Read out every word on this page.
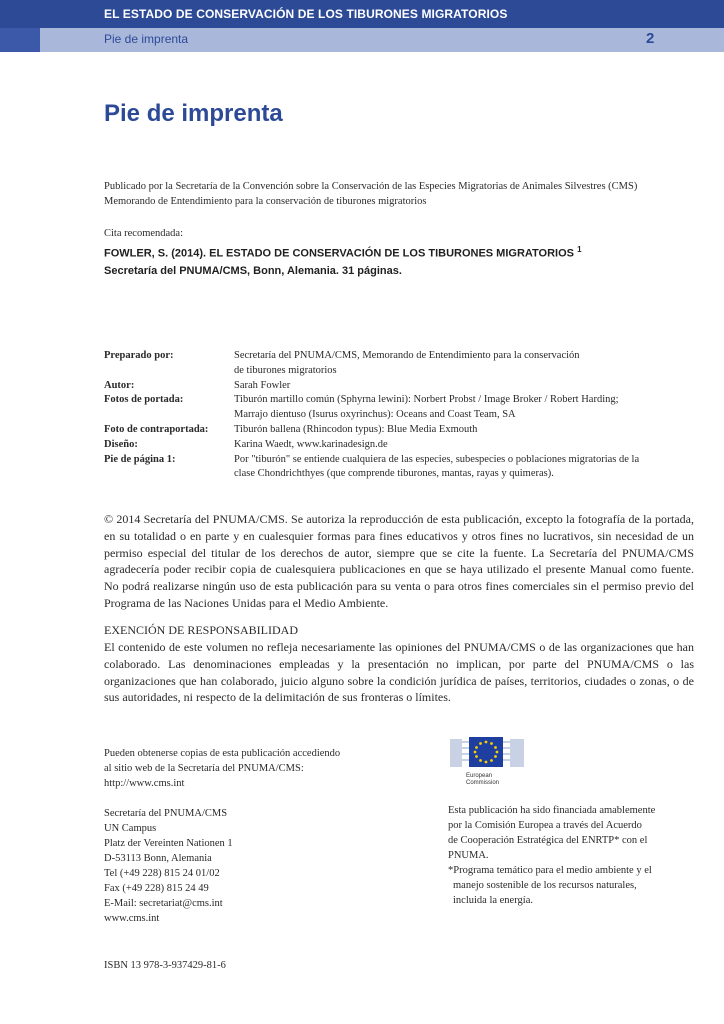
EL ESTADO DE CONSERVACIÓN DE LOS TIBURONES MIGRATORIOS
Pie de imprenta	2
Pie de imprenta
Publicado por la Secretaría de la Convención sobre la Conservación de las Especies Migratorias de Animales Silvestres (CMS)
Memorando de Entendimiento para la conservación de tiburones migratorios
Cita recomendada:
FOWLER, S. (2014). EL ESTADO DE CONSERVACIÓN DE LOS TIBURONES MIGRATORIOS $^1$
Secretaría del PNUMA/CMS, Bonn, Alemania. 31 páginas.
Preparado por:	Secretaría del PNUMA/CMS, Memorando de Entendimiento para la conservación
de tiburones migratorios
Autor:	Sarah Fowler
Fotos de portada:	Tiburón martillo común (Sphyrna lewini): Norbert Probst / Image Broker / Robert Harding;
Marrajo dientuso (Isurus oxyrinchus): Oceans and Coast Team, SA
Foto de contraportada:	Tiburón ballena (Rhincodon typus): Blue Media Exmouth
Diseño:	Karina Waedt, www.karinadesign.de
Pie de página 1:	Por "tiburón" se entiende cualquiera de las especies, subespecies o poblaciones migratorias de la
clase Chondrichthyes (que comprende tiburones, mantas, rayas y quimeras).
© 2014 Secretaría del PNUMA/CMS. Se autoriza la reproducción de esta publicación, excepto la fotografía de la portada, en su totalidad o en parte y en cualesquier formas para fines educativos y otros fines no lucrativos, sin necesidad de un permiso especial del titular de los derechos de autor, siempre que se cite la fuente. La Secretaría del PNUMA/CMS agradecería poder recibir copia de cualesquiera publicaciones en que se haya utilizado el presente Manual como fuente. No podrá realizarse ningún uso de esta publicación para su venta o para otros fines comerciales sin el permiso previo del Programa de las Naciones Unidas para el Medio Ambiente.
EXENCIÓN DE RESPONSABILIDAD
El contenido de este volumen no refleja necesariamente las opiniones del PNUMA/CMS o de las organizaciones que han colaborado. Las denominaciones empleadas y la presentación no implican, por parte del PNUMA/CMS o las organizaciones que han colaborado, juicio alguno sobre la condición jurídica de países, territorios, ciudades o zonas, o de sus autoridades, ni respecto de la delimitación de sus fronteras o límites.
Pueden obtenerse copias de esta publicación accediendo
al sitio web de la Secretaría del PNUMA/CMS:
http://www.cms.int
Secretaría del PNUMA/CMS
UN Campus
Platz der Vereinten Nationen 1
D-53113 Bonn, Alemania
Tel (+49 228) 815 24 01/02
Fax (+49 228) 815 24 49
E-Mail: secretariat@cms.int
www.cms.int
European
Commission
Esta publicación ha sido financiada amablemente
por la Comisión Europea a través del Acuerdo
de Cooperación Estratégica del ENRTP* con el
PNUMA.
*Programa temático para el medio ambiente y el
manejo sostenible de los recursos naturales,
incluida la energía.
ISBN 13 978-3-937429-81-6
